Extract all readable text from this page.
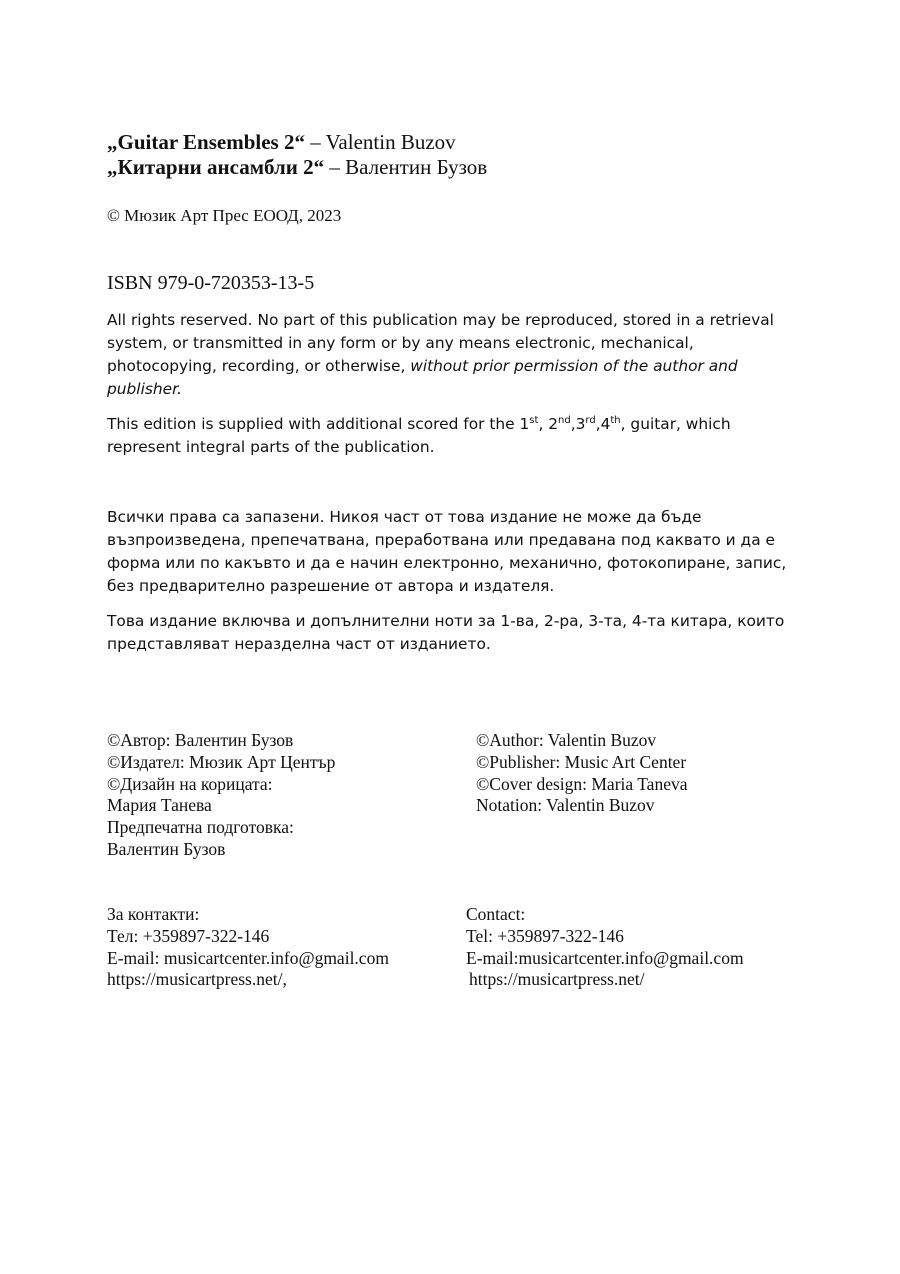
„Guitar Ensembles 2“ – Valentin Buzov
„Китарни ансамбли 2“ – Валентин Бузов
© Мюзик Арт Прес ЕООД, 2023
ISBN 979-0-720353-13-5
All rights reserved. No part of this publication may be reproduced, stored in a retrieval system, or transmitted in any form or by any means electronic, mechanical, photocopying, recording, or otherwise, without prior permission of the author and publisher.
This edition is supplied with additional scored for the 1st, 2nd,3rd,4th, guitar, which represent integral parts of the publication.
Всички права са запазени. Никоя част от това издание не може да бъде възпроизведена, препечатвана, преработвана или предавана под каквато и да е форма или по какъвто и да е начин електронно, механично, фотокопиране, запис, без предварително разрешение от автора и издателя.
Това издание включва и допълнителни ноти за 1-ва, 2-ра, 3-та, 4-та китара, които представляват неразделна част от изданието.
©Автор: Валентин Бузов
©Издател: Мюзик Арт Център
©Дизайн на корицата:
Мария Танева
Предпечатна подготовка:
Валентин Бузов
©Author: Valentin Buzov
©Publisher: Music Art Center
©Cover design: Maria Taneva
Notation: Valentin Buzov
За контакти:
Тел: +359897-322-146
E-mail: musicartcenter.info@gmail.com
https://musicartpress.net/,
Contact:
Tel: +359897-322-146
E-mail:musicartcenter.info@gmail.com
https://musicartpress.net/
